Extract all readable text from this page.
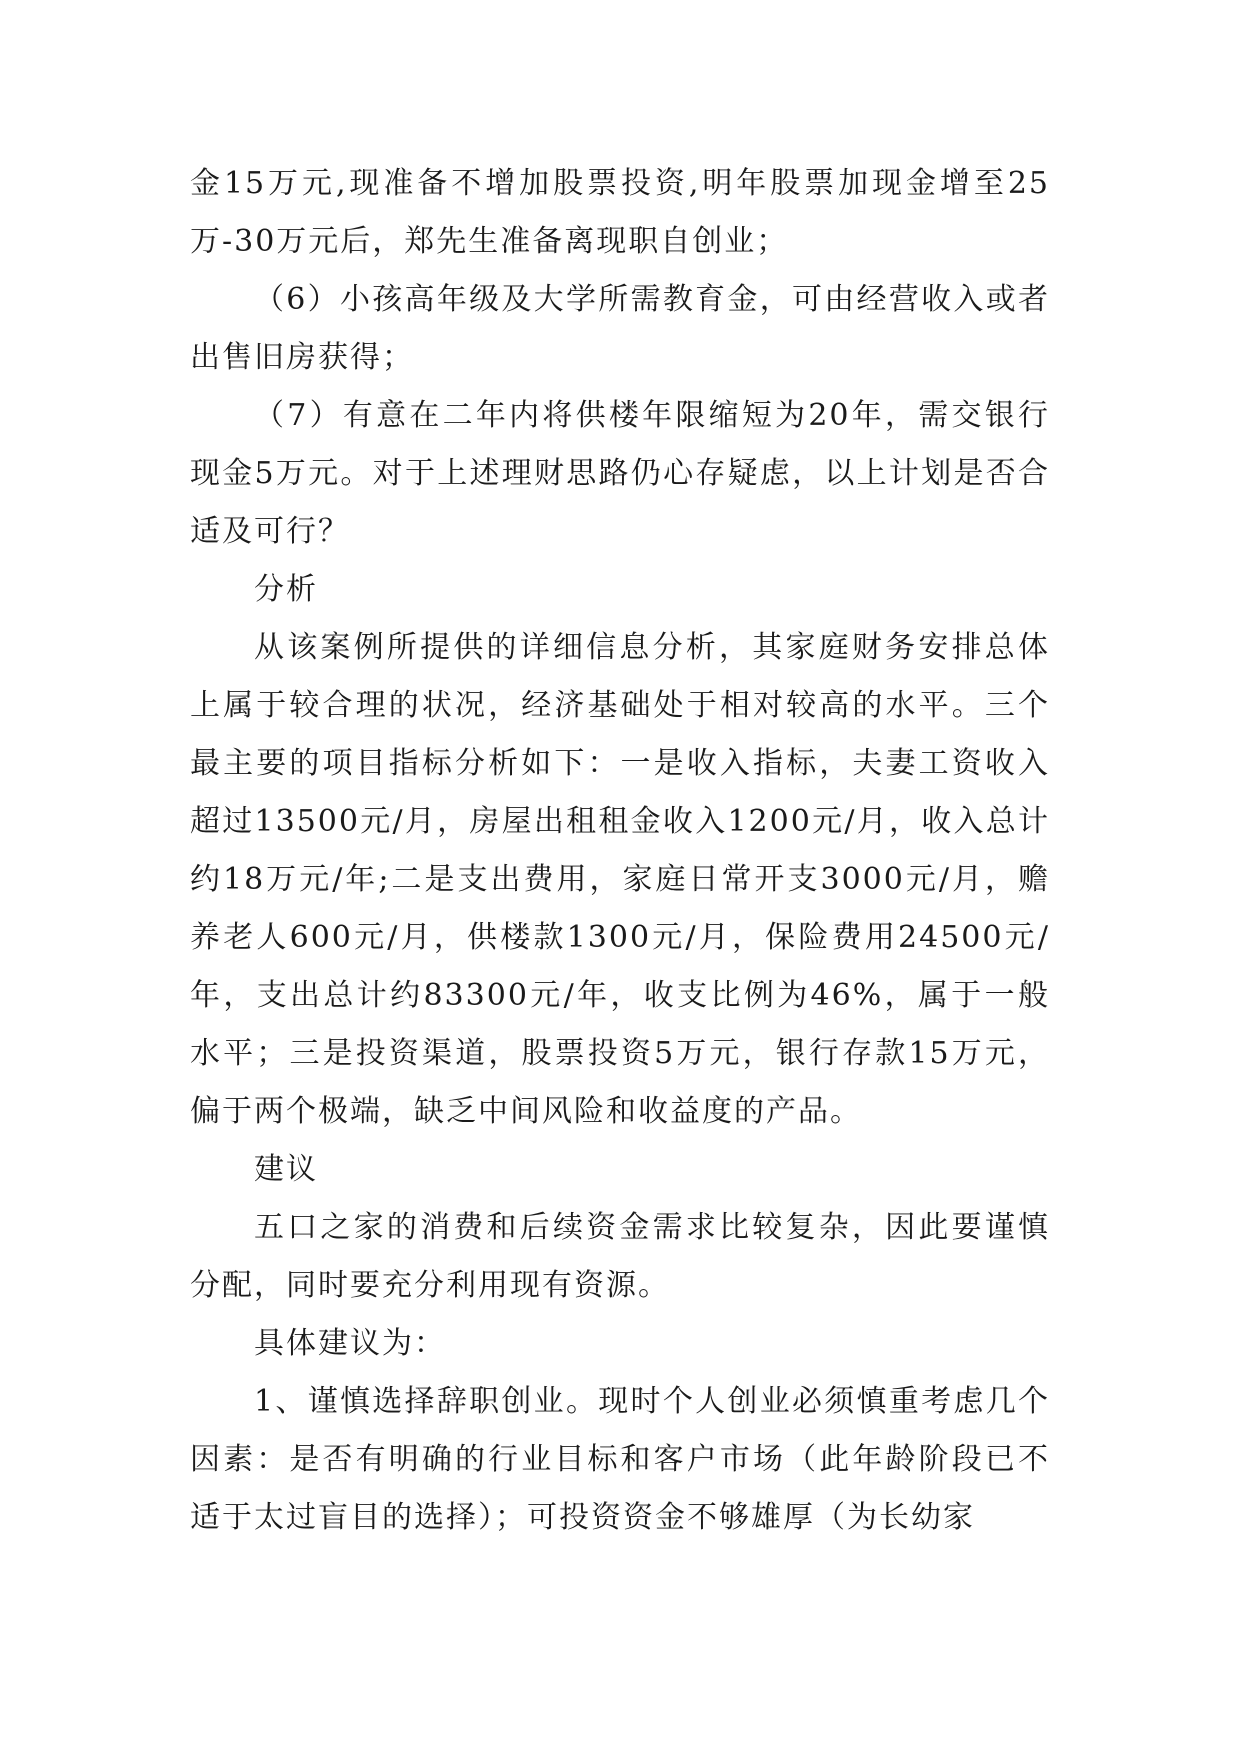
金15万元,现准备不增加股票投资,明年股票加现金增至25万-30万元后，郑先生准备离现职自创业；

（6）小孩高年级及大学所需教育金，可由经营收入或者出售旧房获得；

（7）有意在二年内将供楼年限缩短为20年，需交银行现金5万元。对于上述理财思路仍心存疑虑，以上计划是否合适及可行？

分析

从该案例所提供的详细信息分析，其家庭财务安排总体上属于较合理的状况，经济基础处于相对较高的水平。三个最主要的项目指标分析如下：一是收入指标，夫妻工资收入超过13500元/月，房屋出租租金收入1200元/月，收入总计约18万元/年;二是支出费用，家庭日常开支3000元/月，赡养老人600元/月，供楼款1300元/月，保险费用24500元/年，支出总计约83300元/年，收支比例为46%，属于一般水平；三是投资渠道，股票投资5万元，银行存款15万元，偏于两个极端，缺乏中间风险和收益度的产品。

建议

五口之家的消费和后续资金需求比较复杂，因此要谨慎分配，同时要充分利用现有资源。

具体建议为：

1、谨慎选择辞职创业。现时个人创业必须慎重考虑几个因素：是否有明确的行业目标和客户市场（此年龄阶段已不适于太过盲目的选择）；可投资资金不够雄厚（为长幼家
